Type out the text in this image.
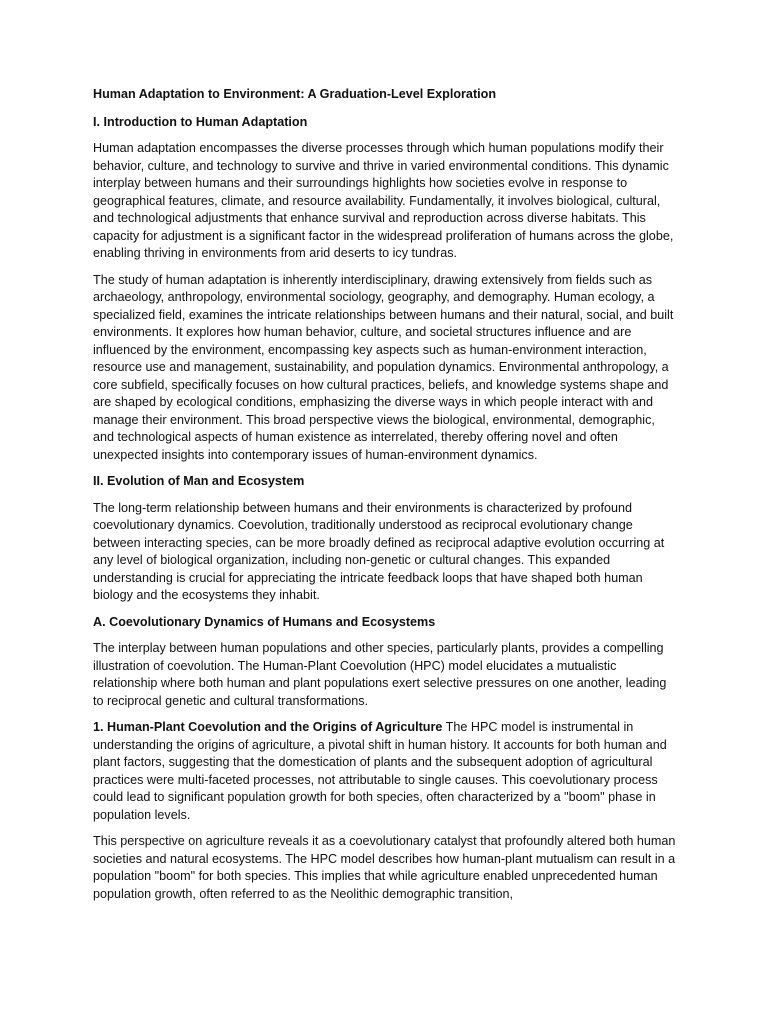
Human Adaptation to Environment: A Graduation-Level Exploration

I. Introduction to Human Adaptation

Human adaptation encompasses the diverse processes through which human populations modify their behavior, culture, and technology to survive and thrive in varied environmental conditions. This dynamic interplay between humans and their surroundings highlights how societies evolve in response to geographical features, climate, and resource availability. Fundamentally, it involves biological, cultural, and technological adjustments that enhance survival and reproduction across diverse habitats. This capacity for adjustment is a significant factor in the widespread proliferation of humans across the globe, enabling thriving in environments from arid deserts to icy tundras.

The study of human adaptation is inherently interdisciplinary, drawing extensively from fields such as archaeology, anthropology, environmental sociology, geography, and demography. Human ecology, a specialized field, examines the intricate relationships between humans and their natural, social, and built environments. It explores how human behavior, culture, and societal structures influence and are influenced by the environment, encompassing key aspects such as human-environment interaction, resource use and management, sustainability, and population dynamics. Environmental anthropology, a core subfield, specifically focuses on how cultural practices, beliefs, and knowledge systems shape and are shaped by ecological conditions, emphasizing the diverse ways in which people interact with and manage their environment. This broad perspective views the biological, environmental, demographic, and technological aspects of human existence as interrelated, thereby offering novel and often unexpected insights into contemporary issues of human-environment dynamics.

II. Evolution of Man and Ecosystem

The long-term relationship between humans and their environments is characterized by profound coevolutionary dynamics. Coevolution, traditionally understood as reciprocal evolutionary change between interacting species, can be more broadly defined as reciprocal adaptive evolution occurring at any level of biological organization, including non-genetic or cultural changes. This expanded understanding is crucial for appreciating the intricate feedback loops that have shaped both human biology and the ecosystems they inhabit.

A. Coevolutionary Dynamics of Humans and Ecosystems

The interplay between human populations and other species, particularly plants, provides a compelling illustration of coevolution. The Human-Plant Coevolution (HPC) model elucidates a mutualistic relationship where both human and plant populations exert selective pressures on one another, leading to reciprocal genetic and cultural transformations.

1. Human-Plant Coevolution and the Origins of Agriculture The HPC model is instrumental in understanding the origins of agriculture, a pivotal shift in human history. It accounts for both human and plant factors, suggesting that the domestication of plants and the subsequent adoption of agricultural practices were multi-faceted processes, not attributable to single causes. This coevolutionary process could lead to significant population growth for both species, often characterized by a "boom" phase in population levels.

This perspective on agriculture reveals it as a coevolutionary catalyst that profoundly altered both human societies and natural ecosystems. The HPC model describes how human-plant mutualism can result in a population "boom" for both species. This implies that while agriculture enabled unprecedented human population growth, often referred to as the Neolithic demographic transition,
